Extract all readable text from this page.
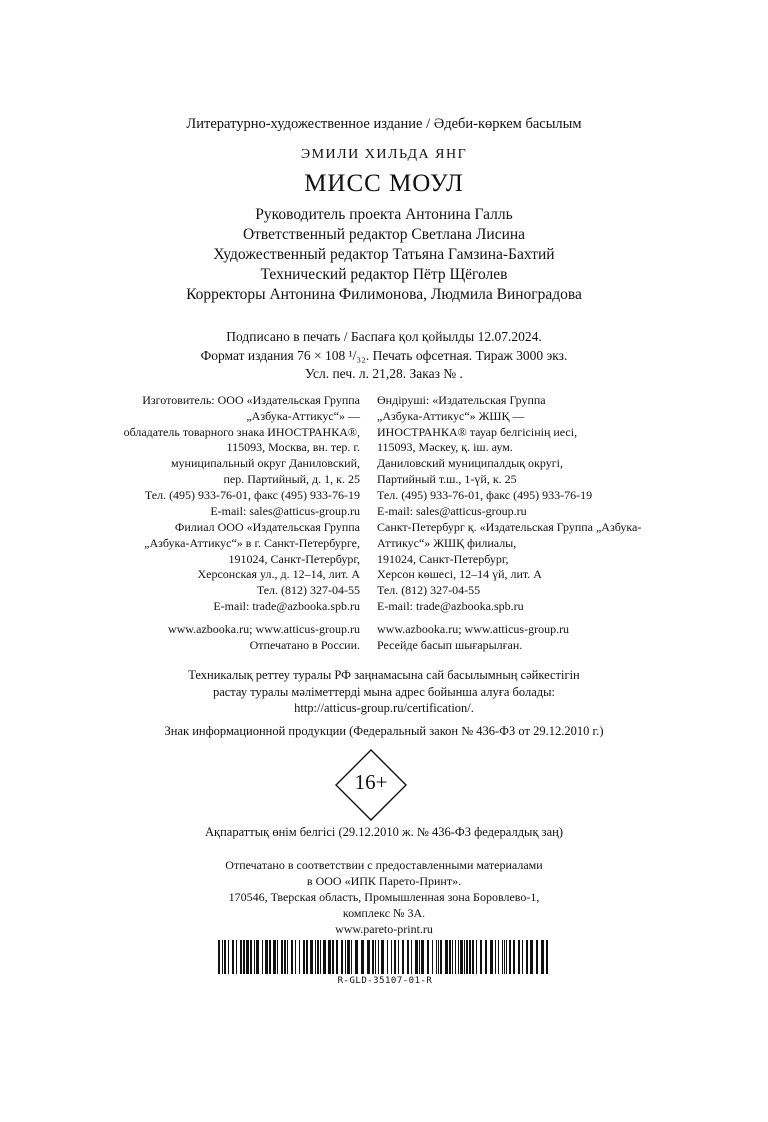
Литературно-художественное издание / Әдеби-көркем басылым
ЭМИЛИ ХИЛЬДА ЯНГ
МИСС МОУЛ
Руководитель проекта Антонина Галль
Ответственный редактор Светлана Лисина
Художественный редактор Татьяна Гамзина-Бахтий
Технический редактор Пётр Щёголев
Корректоры Антонина Филимонова, Людмила Виноградова
Подписано в печать / Баспаға қол қойылды 12.07.2024.
Формат издания 76 × 108 ¹/₃₂. Печать офсетная. Тираж 3000 экз.
Усл. печ. л. 21,28. Заказ № .
Изготовитель: ООО «Издательская Группа
„Азбука-Аттикус“» —
обладатель товарного знака ИНОСТРАНКА®,
115093, Москва, вн. тер. г.
муниципальный округ Даниловский,
пер. Партийный, д. 1, к. 25
Тел. (495) 933-76-01, факс (495) 933-76-19
E-mail: sales@atticus-group.ru
Өндіруші: «Издательская Группа
„Азбука-Аттикус“» ЖШҚ —
ИНОСТРАНКА® тауар белгісінің иесі,
115093, Мәскеу, қ. іш. аум.
Даниловский муниципалдық округі,
Партийный т.ш., 1-үй, к. 25
Тел. (495) 933-76-01, факс (495) 933-76-19
E-mail: sales@atticus-group.ru
Филиал ООО «Издательская Группа
„Азбука-Аттикус“» в г. Санкт-Петербурге,
191024, Санкт-Петербург,
Херсонская ул., д. 12–14, лит. А
Тел. (812) 327-04-55
E-mail: trade@azbooka.spb.ru
Санкт-Петербург қ. «Издательская Группа „Азбука-
Аттикус“» ЖШҚ филиалы,
191024, Санкт-Петербург,
Херсон көшесі, 12–14 үй, лит. А
Тел. (812) 327-04-55
E-mail: trade@azbooka.spb.ru
www.azbooka.ru; www.atticus-group.ru
Отпечатано в России.
www.azbooka.ru; www.atticus-group.ru
Ресейде басып шығарылған.
Техникалық реттеу туралы РФ заңнамасына сай басылымның сәйкестігін
растау туралы мәліметтерді мына адрес бойынша алуға болады:
http://atticus-group.ru/certification/.
Знак информационной продукции (Федеральный закон № 436-ФЗ от 29.12.2010 г.)
16+
Ақпараттық өнім белгісі (29.12.2010 ж. № 436-ФЗ федералдық заң)
Отпечатано в соответствии с предоставленными материалами
в ООО «ИПК Парето-Принт».
170546, Тверская область, Промышленная зона Боровлево-1,
комплекс № 3А.
www.pareto-print.ru
R-GLD-35107-01-R
